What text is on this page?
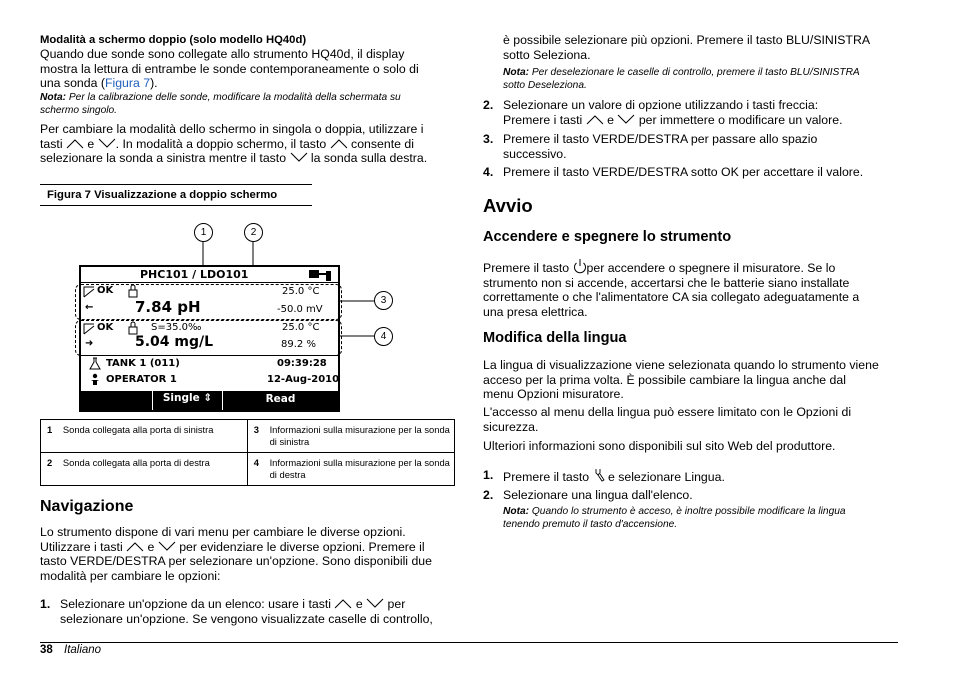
Modalità a schermo doppio (solo modello HQ40d)
Quando due sonde sono collegate allo strumento HQ40d, il display
mostra la lettura di entrambe le sonde contemporaneamente o solo di
una sonda (Figura 7).
Nota: Per la calibrazione delle sonde, modificare la modalità della schermata su
schermo singolo.
Per cambiare la modalità dello schermo in singola o doppia, utilizzare i
tasti e . In modalità a doppio schermo, il tasto consente di
selezionare la sonda a sinistra mentre il tasto la sonda sulla destra.
Figura 7 Visualizzazione a doppio schermo
1	2
3
4
PHC101 / LDO101
OK	25.0 °C
←	7.84 pH	-50.0 mV
OK	S=35.0‰	25.0 °C
➜	5.04 mg/L	89.2 %
TANK 1 (011)	09:39:28
OPERATOR 1	12-Aug-2010
Single ⇕	Read
1	Sonda collegata alla porta di sinistra	3	Informazioni sulla misurazione per la sonda di sinistra
2	Sonda collegata alla porta di destra	4	Informazioni sulla misurazione per la sonda di destra
Navigazione
Lo strumento dispone di vari menu per cambiare le diverse opzioni.
Utilizzare i tasti e per evidenziare le diverse opzioni. Premere il
tasto VERDE/DESTRA per selezionare un'opzione. Sono disponibili due
modalità per cambiare le opzioni:
1. Selezionare un'opzione da un elenco: usare i tasti e per
selezionare un'opzione. Se vengono visualizzate caselle di controllo,
è possibile selezionare più opzioni. Premere il tasto BLU/SINISTRA
sotto Seleziona.
Nota: Per deselezionare le caselle di controllo, premere il tasto BLU/SINISTRA
sotto Deseleziona.
2. Selezionare un valore di opzione utilizzando i tasti freccia:
Premere i tasti e per immettere o modificare un valore.
3. Premere il tasto VERDE/DESTRA per passare allo spazio
successivo.
4. Premere il tasto VERDE/DESTRA sotto OK per accettare il valore.
Avvio
Accendere e spegnere lo strumento
Premere il tasto per accendere o spegnere il misuratore. Se lo
strumento non si accende, accertarsi che le batterie siano installate
correttamente o che l'alimentatore CA sia collegato adeguatamente a
una presa elettrica.
Modifica della lingua
La lingua di visualizzazione viene selezionata quando lo strumento viene
acceso per la prima volta. È possibile cambiare la lingua anche dal
menu Opzioni misuratore.
L'accesso al menu della lingua può essere limitato con le Opzioni di
sicurezza.
Ulteriori informazioni sono disponibili sul sito Web del produttore.
1. Premere il tasto e selezionare Lingua.
2. Selezionare una lingua dall'elenco.
Nota: Quando lo strumento è acceso, è inoltre possibile modificare la lingua
tenendo premuto il tasto d'accensione.
38 Italiano
